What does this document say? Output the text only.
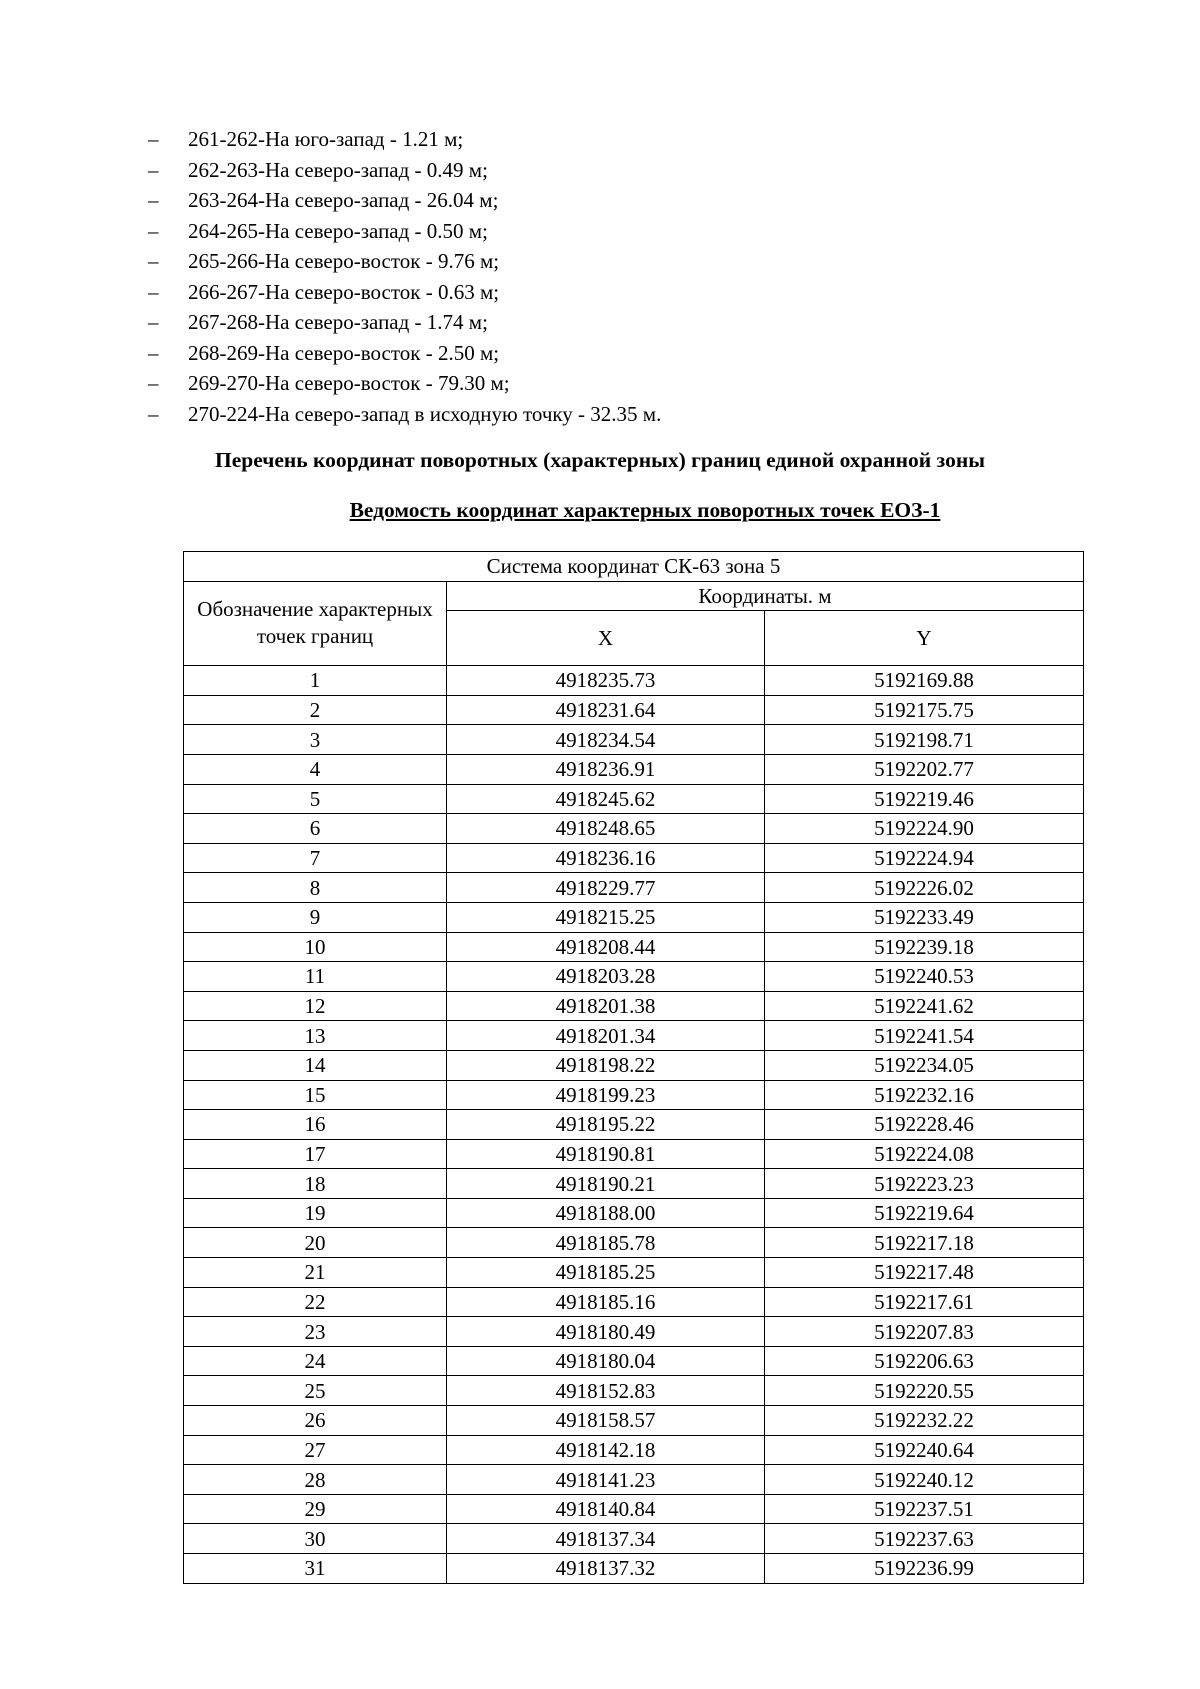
–	261-262-На юго-запад - 1.21 м;
–	262-263-На северо-запад - 0.49 м;
–	263-264-На северо-запад - 26.04 м;
–	264-265-На северо-запад - 0.50 м;
–	265-266-На северо-восток - 9.76 м;
–	266-267-На северо-восток - 0.63 м;
–	267-268-На северо-запад - 1.74 м;
–	268-269-На северо-восток - 2.50 м;
–	269-270-На северо-восток - 79.30 м;
–	270-224-На северо-запад в исходную точку - 32.35 м.
Перечень координат поворотных (характерных) границ единой охранной зоны
Ведомость координат характерных поворотных точек ЕОЗ-1
Система координат СК-63 зона 5		
Обозначение характерных точек границ	Координаты. м	
	X	Y
1	4918235.73	5192169.88
2	4918231.64	5192175.75
3	4918234.54	5192198.71
4	4918236.91	5192202.77
5	4918245.62	5192219.46
6	4918248.65	5192224.90
7	4918236.16	5192224.94
8	4918229.77	5192226.02
9	4918215.25	5192233.49
10	4918208.44	5192239.18
11	4918203.28	5192240.53
12	4918201.38	5192241.62
13	4918201.34	5192241.54
14	4918198.22	5192234.05
15	4918199.23	5192232.16
16	4918195.22	5192228.46
17	4918190.81	5192224.08
18	4918190.21	5192223.23
19	4918188.00	5192219.64
20	4918185.78	5192217.18
21	4918185.25	5192217.48
22	4918185.16	5192217.61
23	4918180.49	5192207.83
24	4918180.04	5192206.63
25	4918152.83	5192220.55
26	4918158.57	5192232.22
27	4918142.18	5192240.64
28	4918141.23	5192240.12
29	4918140.84	5192237.51
30	4918137.34	5192237.63
31	4918137.32	5192236.99
